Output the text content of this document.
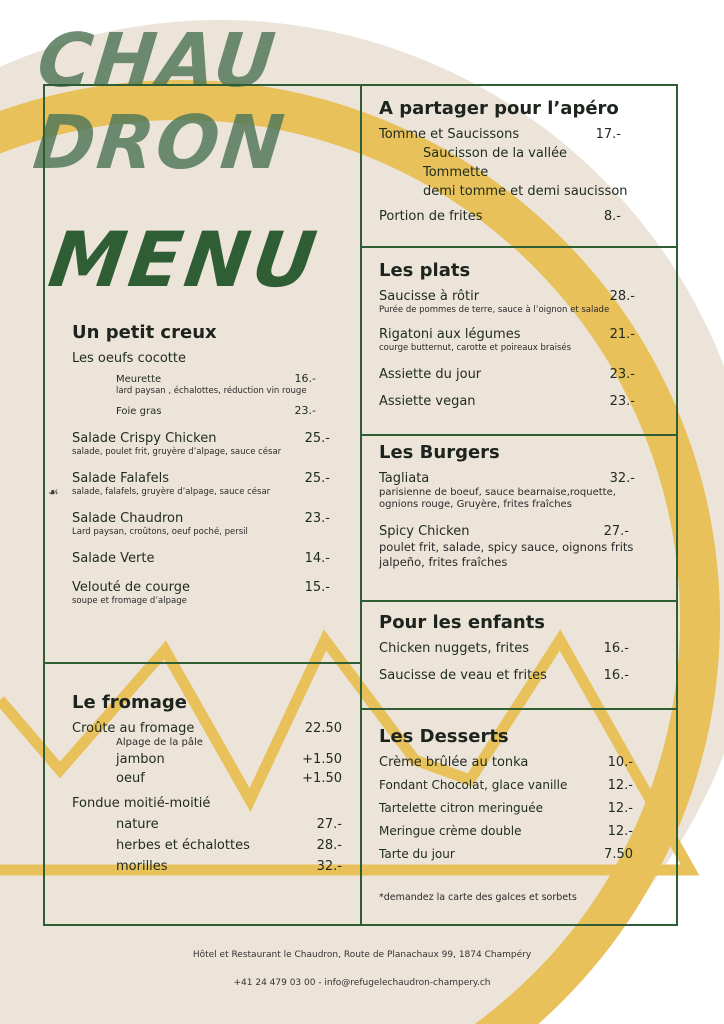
CHAU
DRON
MENU

Un petit creux

Les oeufs cocotte
Meurette	16.-

lard paysan , échalottes, réduction vin rouge

Foie gras	23.-
Salade Crispy Chicken	25.-

salade, poulet frit, gruyère d’alpage, sauce césar

Salade Falafels	25.-

salade, falafels, gruyère d’alpage, sauce césar

Salade Chaudron	23.-

Lard paysan, croûtons, oeuf poché, persil

Salade Verte	14.-
Velouté de courge	15.-

soupe et fromage d’alpage

☙

Le fromage

Croûte au fromage	22.50

Alpage de la pâle

jambon	+1.50
oeuf	+1.50
Fondue moitié-moitié
nature	27.-
herbes et échalottes	28.-
morilles	32.-

A partager pour l’apéro

Tomme et Saucissons	17.-
Saucisson de la vallée
Tommette
demi tomme et demi saucisson
Portion de frites	8.-

Les plats

Saucisse à rôtir	28.-

Purée de pommes de terre, sauce à l’oignon et salade

Rigatoni aux légumes	21.-

courge butternut, carotte et poireaux braisés

Assiette du jour	23.-
Assiette vegan	23.-

Les Burgers

Tagliata	32.-

parisienne de boeuf, sauce bearnaise,roquette,

ognions rouge, Gruyère, frites fraîches

Spicy Chicken	27.-

poulet frit, salade, spicy sauce, oignons frits

jalpeño, frites fraîches

Pour les enfants

Chicken nuggets, frites	16.-
Saucisse de veau et frites	16.-

Les Desserts

Crème brûlée au tonka	10.-
Fondant Chocolat, glace vanille	12.-
Tartelette citron meringuée	12.-
Meringue crème double	12.-
Tarte du jour	7.50

*demandez la carte des galces et sorbets

Hôtel et Restaurant le Chaudron, Route de Planachaux 99, 1874 Champéry
+41 24 479 03 00 - info@refugelechaudron-champery.ch
